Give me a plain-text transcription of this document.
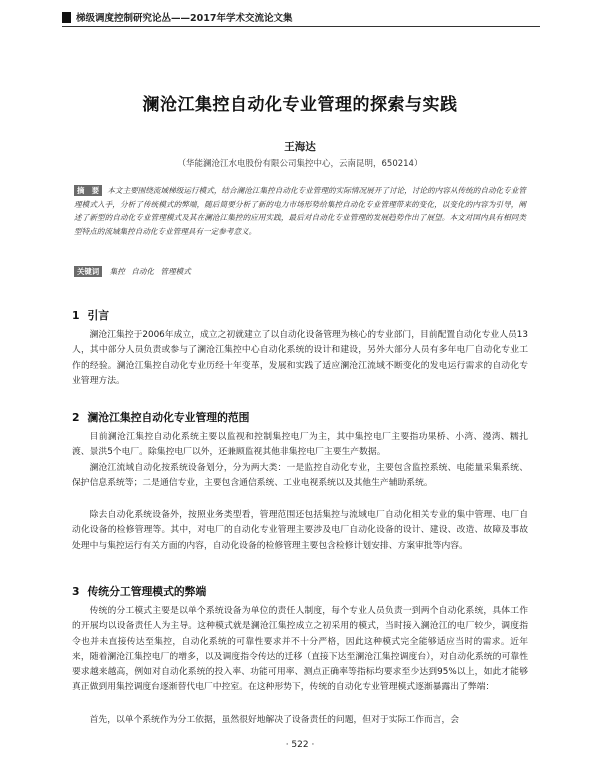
梯级调度控制研究论丛——2017年学术交流论文集
澜沧江集控自动化专业管理的探索与实践
王海达
（华能澜沧江水电股份有限公司集控中心，云南昆明，650214）
摘　要 本文主要围绕流域梯级运行模式，结合澜沧江集控自动化专业管理的实际情况展开了讨论，讨论的内容从传统的自动化专业管理模式入手，分析了传统模式的弊端，随后简要分析了新的电力市场形势给集控自动化专业管理带来的变化，以变化的内容为引导，阐述了新型的自动化专业管理模式及其在澜沧江集控的应用实践，最后对自动化专业管理的发展趋势作出了展望。本文对国内具有相同类型特点的流域集控自动化专业管理具有一定参考意义。
关键词 集控 自动化 管理模式
1 引言

澜沧江集控于2006年成立，成立之初就建立了以自动化设备管理为核心的专业部门，目前配置自动化专业人员13人，其中部分人员负责或参与了澜沧江集控中心自动化系统的设计和建设，另外大部分人员有多年电厂自动化专业工作的经验。澜沧江集控自动化专业历经十年变革，发展和实践了适应澜沧江流域不断变化的发电运行需求的自动化专业管理方法。

2 澜沧江集控自动化专业管理的范围

目前澜沧江集控自动化系统主要以监视和控制集控电厂为主，其中集控电厂主要指功果桥、小湾、漫湾、糯扎渡、景洪5个电厂。除集控电厂以外，还兼顾监视其他非集控电厂主要生产数据。

澜沧江流域自动化按系统设备划分，分为两大类：一是监控自动化专业，主要包含监控系统、电能量采集系统、保护信息系统等；二是通信专业，主要包含通信系统、工业电视系统以及其他生产辅助系统。

除去自动化系统设备外，按照业务类型看，管理范围还包括集控与流域电厂自动化相关专业的集中管理、电厂自动化设备的检修管理等。其中，对电厂的自动化专业管理主要涉及电厂自动化设备的设计、建设、改造、故障及事故处理中与集控运行有关方面的内容，自动化设备的检修管理主要包含检修计划安排、方案审批等内容。

3 传统分工管理模式的弊端

传统的分工模式主要是以单个系统设备为单位的责任人制度，每个专业人员负责一到两个自动化系统，具体工作的开展均以设备责任人为主导。这种模式就是澜沧江集控成立之初采用的模式，当时接入澜沧江的电厂较少，调度指令也并未直接传达至集控，自动化系统的可靠性要求并不十分严格，因此这种模式完全能够适应当时的需求。近年来，随着澜沧江集控电厂的增多，以及调度指令传达的迁移（直接下达至澜沧江集控调度台），对自动化系统的可靠性要求越来越高，例如对自动化系统的投入率、功能可用率、测点正确率等指标均要求至少达到95%以上，如此才能够真正做到用集控调度台逐渐替代电厂中控室。在这种形势下，传统的自动化专业管理模式逐渐暴露出了弊端：

首先，以单个系统作为分工依据，虽然很好地解决了设备责任的问题，但对于实际工作而言，会

· 522 ·
